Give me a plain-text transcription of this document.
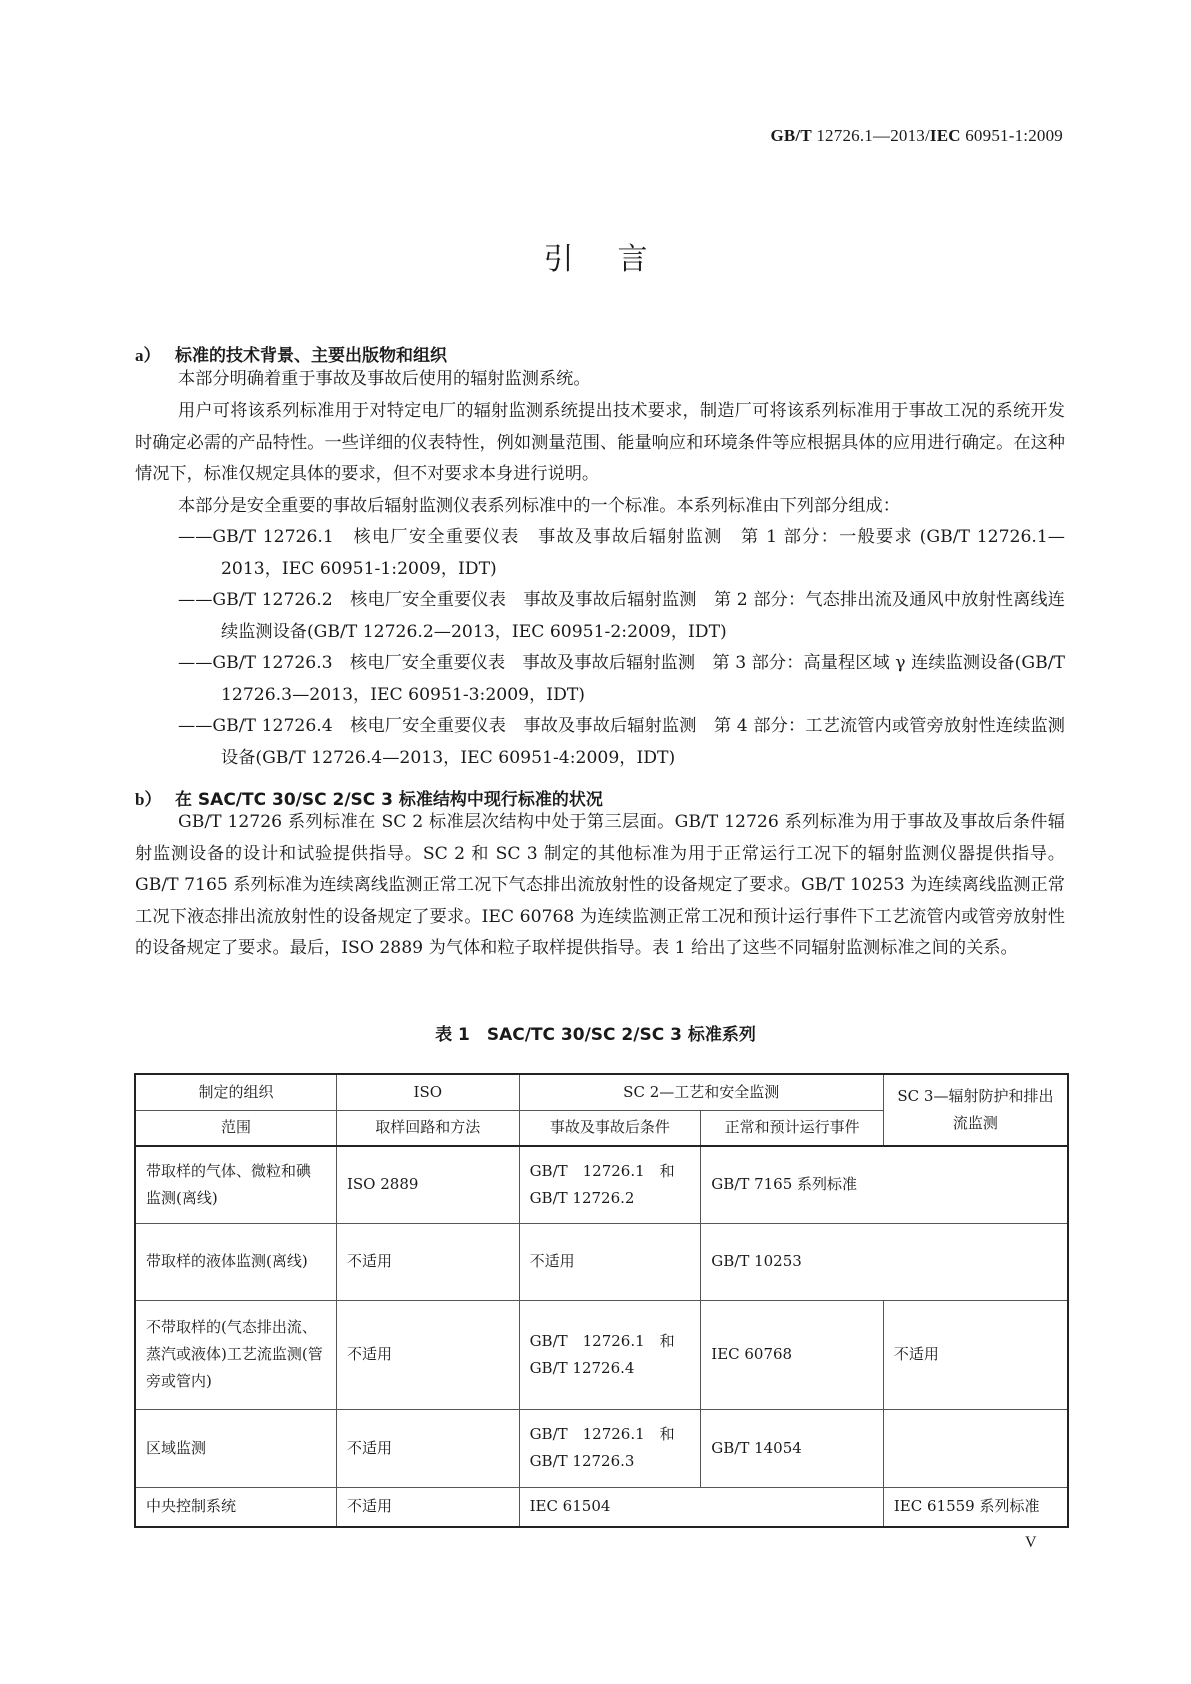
GB/T 12726.1—2013/IEC 60951-1:2009
引言
a） 标准的技术背景、主要出版物和组织
本部分明确着重于事故及事故后使用的辐射监测系统。
用户可将该系列标准用于对特定电厂的辐射监测系统提出技术要求，制造厂可将该系列标准用于事故工况的系统开发时确定必需的产品特性。一些详细的仪表特性，例如测量范围、能量响应和环境条件等应根据具体的应用进行确定。在这种情况下，标准仅规定具体的要求，但不对要求本身进行说明。
本部分是安全重要的事故后辐射监测仪表系列标准中的一个标准。本系列标准由下列部分组成：
——GB/T 12726.1　核电厂安全重要仪表　事故及事故后辐射监测　第 1 部分：一般要求 (GB/T 12726.1—2013，IEC 60951-1:2009，IDT)
——GB/T 12726.2　核电厂安全重要仪表　事故及事故后辐射监测　第 2 部分：气态排出流及通风中放射性离线连续监测设备(GB/T 12726.2—2013，IEC 60951-2:2009，IDT)
——GB/T 12726.3　核电厂安全重要仪表　事故及事故后辐射监测　第 3 部分：高量程区域 γ 连续监测设备(GB/T 12726.3—2013，IEC 60951-3:2009，IDT)
——GB/T 12726.4　核电厂安全重要仪表　事故及事故后辐射监测　第 4 部分：工艺流管内或管旁放射性连续监测设备(GB/T 12726.4—2013，IEC 60951-4:2009，IDT)
b） 在 SAC/TC 30/SC 2/SC 3 标准结构中现行标准的状况
GB/T 12726 系列标准在 SC 2 标准层次结构中处于第三层面。GB/T 12726 系列标准为用于事故及事故后条件辐射监测设备的设计和试验提供指导。SC 2 和 SC 3 制定的其他标准为用于正常运行工况下的辐射监测仪器提供指导。GB/T 7165 系列标准为连续离线监测正常工况下气态排出流放射性的设备规定了要求。GB/T 10253 为连续离线监测正常工况下液态排出流放射性的设备规定了要求。IEC 60768 为连续监测正常工况和预计运行事件下工艺流管内或管旁放射性的设备规定了要求。最后，ISO 2889 为气体和粒子取样提供指导。表 1 给出了这些不同辐射监测标准之间的关系。
表 1　SAC/TC 30/SC 2/SC 3 标准系列
制定的组织	ISO	SC 2—工艺和安全监测		SC 3—辐射防护和排出流监测
范围	取样回路和方法	事故及事故后条件	正常和预计运行事件	
带取样的气体、微粒和碘监测(离线)	ISO 2889	GB/T　12726.1　和 GB/T 12726.2	GB/T 7165 系列标准	
带取样的液体监测(离线)	不适用	不适用	GB/T 10253	
不带取样的(气态排出流、蒸汽或液体)工艺流监测(管旁或管内)	不适用	GB/T　12726.1　和 GB/T 12726.4	IEC 60768	不适用
区域监测	不适用	GB/T　12726.1　和 GB/T 12726.3	GB/T 14054	
中央控制系统	不适用	IEC 61504		IEC 61559 系列标准
V
